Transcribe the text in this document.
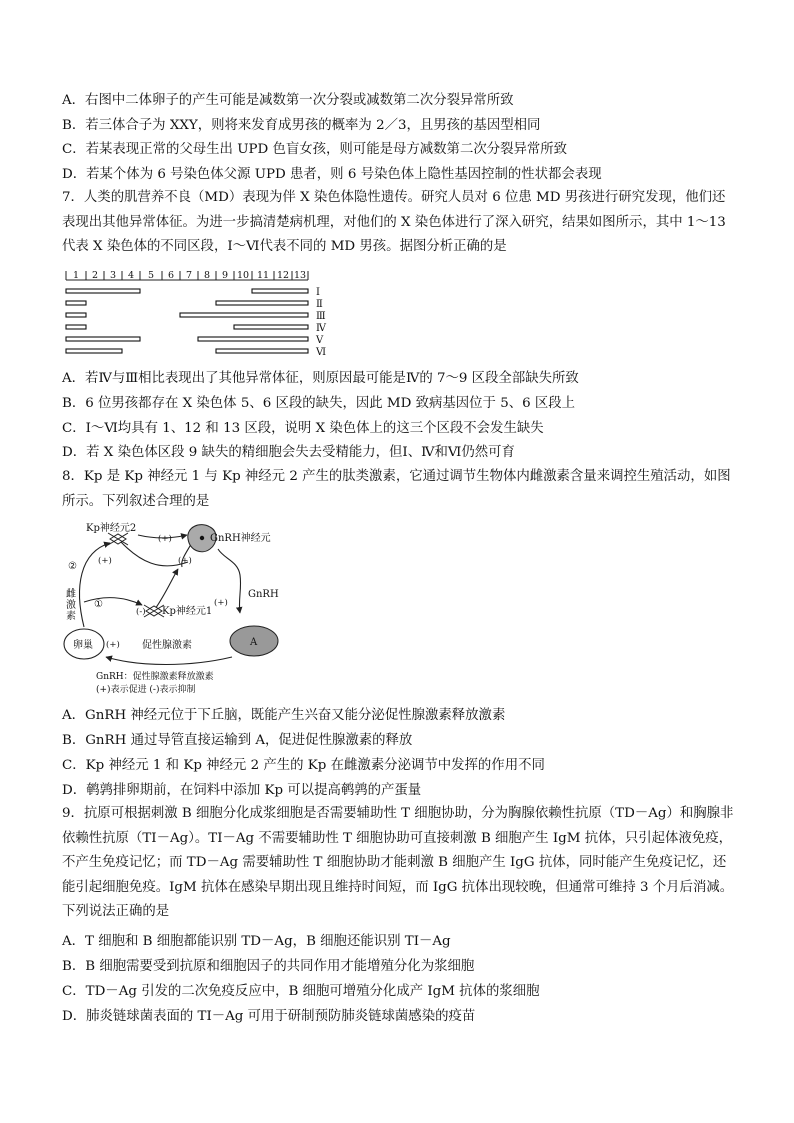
A．右图中二体卵子的产生可能是减数第一次分裂或减数第二次分裂异常所致
B．若三体合子为 XXY，则将来发育成男孩的概率为 2／3，且男孩的基因型相同
C．若某表现正常的父母生出 UPD 色盲女孩，则可能是母方减数第二次分裂异常所致
D．若某个体为 6 号染色体父源 UPD 患者，则 6 号染色体上隐性基因控制的性状都会表现
7．人类的肌营养不良（MD）表现为伴 X 染色体隐性遗传。研究人员对 6 位患 MD 男孩进行研究发现，他们还表现出其他异常体征。为进一步搞清楚病机理，对他们的 X 染色体进行了深入研究，结果如图所示，其中 1～13 代表 X 染色体的不同区段，Ⅰ～Ⅵ代表不同的 MD 男孩。据图分析正确的是
1 2 3 4 5 6 7 8 9 10 11 12 13
Ⅰ
Ⅱ
Ⅲ
Ⅳ
Ⅴ
Ⅵ
A．若Ⅳ与Ⅲ相比表现出了其他异常体征，则原因最可能是Ⅳ的 7～9 区段全部缺失所致
B．6 位男孩都存在 X 染色体 5、6 区段的缺失，因此 MD 致病基因位于 5、6 区段上
C．Ⅰ～Ⅵ均具有 1、12 和 13 区段，说明 X 染色体上的这三个区段不会发生缺失
D．若 X 染色体区段 9 缺失的精细胞会失去受精能力，但Ⅰ、Ⅳ和Ⅵ仍然可育
8．Kp 是 Kp 神经元 1 与 Kp 神经元 2 产生的肽类激素，它通过调节生物体内雌激素含量来调控生殖活动，如图所示。下列叙述合理的是
Kp神经元2
Kp神经元1
GnRH神经元
GnRH
A
卵巢	促性腺激素
雌
激
素
①
② (+)
(+)
(+)
(+)
(+)
(-)
GnRH：促性腺激素释放激素
(+)表示促进 (-)表示抑制
A．GnRH 神经元位于下丘脑，既能产生兴奋又能分泌促性腺激素释放激素
B．GnRH 通过导管直接运输到 A，促进促性腺激素的释放
C．Kp 神经元 1 和 Kp 神经元 2 产生的 Kp 在雌激素分泌调节中发挥的作用不同
D．鹌鹑排卵期前，在饲料中添加 Kp 可以提高鹌鹑的产蛋量
9．抗原可根据刺激 B 细胞分化成浆细胞是否需要辅助性 T 细胞协助，分为胸腺依赖性抗原（TD－Ag）和胸腺非依赖性抗原（TI－Ag）。TI－Ag 不需要辅助性 T 细胞协助可直接刺激 B 细胞产生 IgM 抗体，只引起体液免疫，不产生免疫记忆；而 TD－Ag 需要辅助性 T 细胞协助才能刺激 B 细胞产生 IgG 抗体，同时能产生免疫记忆，还能引起细胞免疫。IgM 抗体在感染早期出现且维持时间短，而 IgG 抗体出现较晚，但通常可维持 3 个月后消减。下列说法正确的是
A．T 细胞和 B 细胞都能识别 TD－Ag，B 细胞还能识别 TI－Ag
B．B 细胞需要受到抗原和细胞因子的共同作用才能增殖分化为浆细胞
C．TD－Ag 引发的二次免疫反应中，B 细胞可增殖分化成产 IgM 抗体的浆细胞
D．肺炎链球菌表面的 TI－Ag 可用于研制预防肺炎链球菌感染的疫苗
